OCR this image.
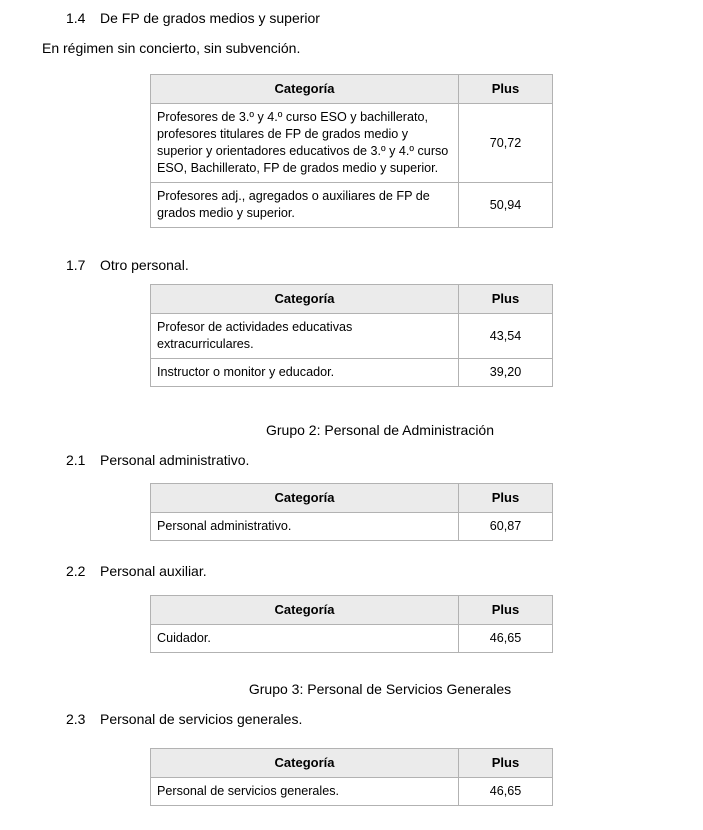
1.4 De FP de grados medios y superior

En régimen sin concierto, sin subvención.

Categoría	Plus
Profesores de 3.º y 4.º curso ESO y bachillerato, profesores titulares de FP de grados medio y superior y orientadores educativos de 3.º y 4.º curso ESO, Bachillerato, FP de grados medio y superior.	70,72
Profesores adj., agregados o auxiliares de FP de grados medio y superior.	50,94
1.7 Otro personal.
Categoría	Plus
Profesor de actividades educativas extracurriculares.	43,54
Instructor o monitor y educador.	39,20
Grupo 2: Personal de Administración
2.1 Personal administrativo.
Categoría	Plus
Personal administrativo.	60,87
2.2 Personal auxiliar.
Categoría	Plus
Cuidador.	46,65
Grupo 3: Personal de Servicios Generales
2.3 Personal de servicios generales.
Categoría	Plus
Personal de servicios generales.	46,65
